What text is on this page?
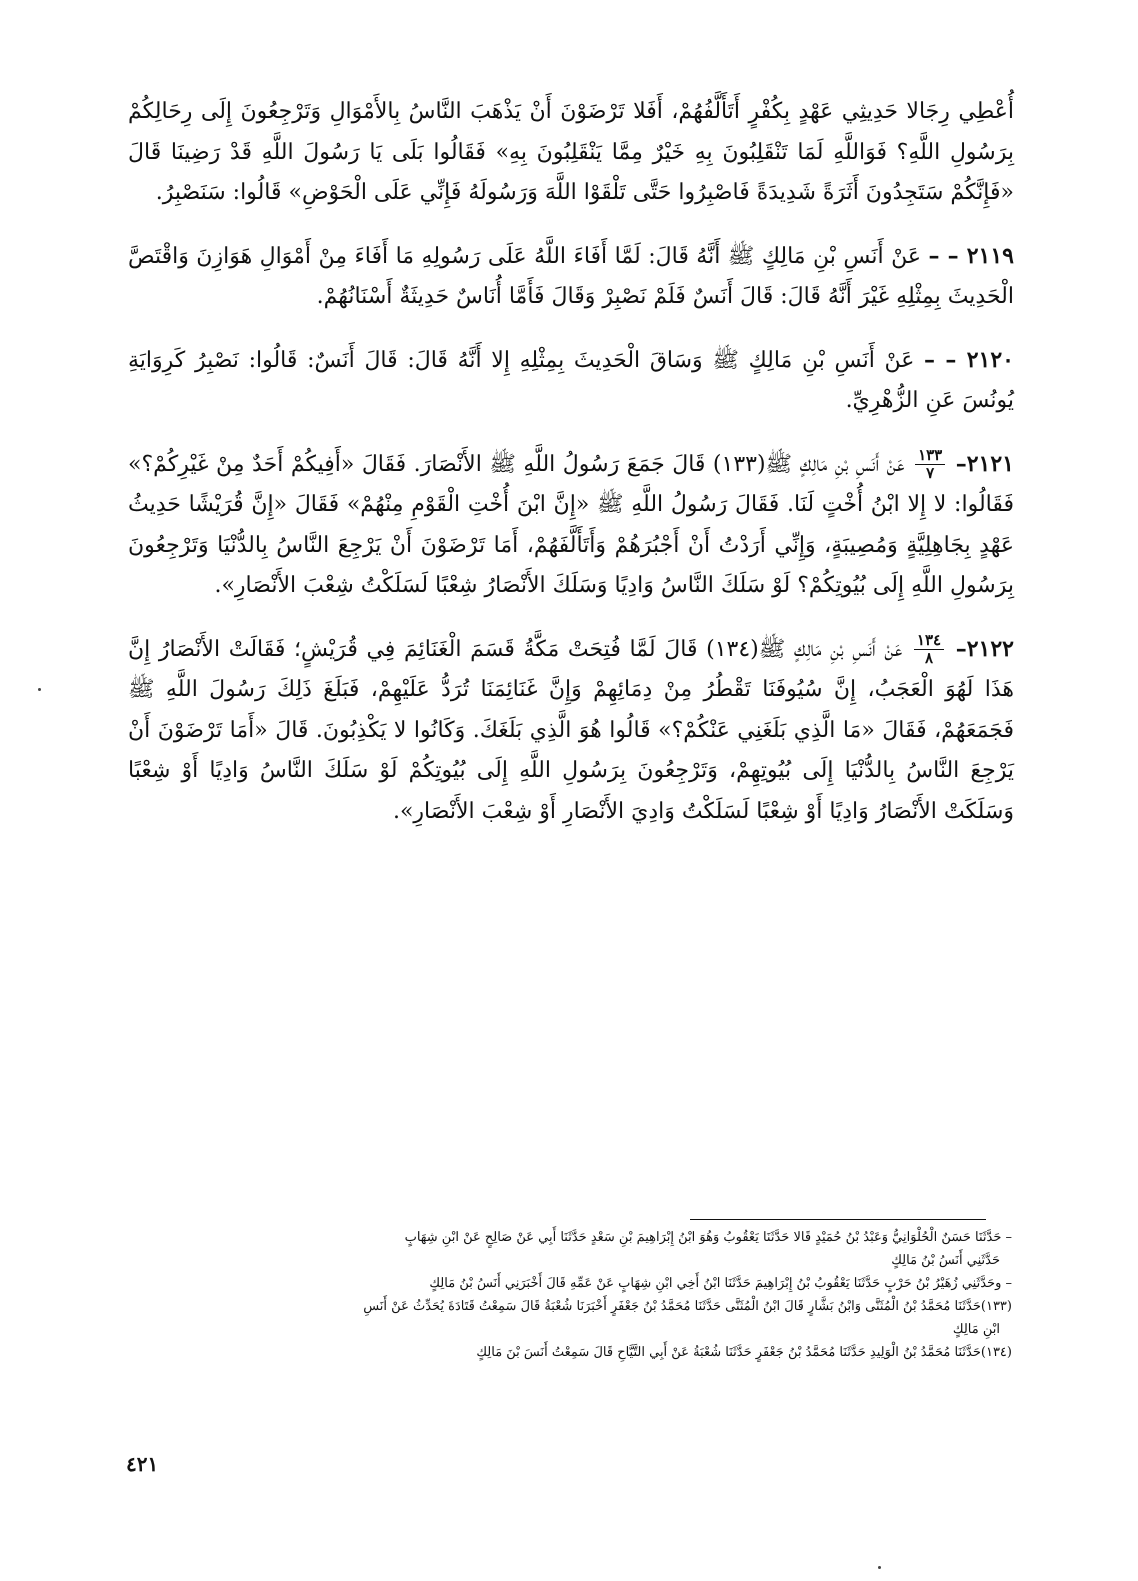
أُعْطِي رِجَالا حَدِيثِي عَهْدٍ بِكُفْرٍ أَتَأَلَّفُهُمْ، أَفَلا تَرْضَوْنَ أَنْ يَذْهَبَ النَّاسُ بِالأَمْوَالِ وَتَرْجِعُونَ إِلَى رِحَالِكُمْ بِرَسُولِ اللَّهِ؟ فَوَاللَّهِ لَمَا تَنْقَلِبُونَ بِهِ خَيْرٌ مِمَّا يَنْقَلِبُونَ بِهِ» فَقَالُوا بَلَى يَا رَسُولَ اللَّهِ قَدْ رَضِينَا قَالَ «فَإِنَّكُمْ سَتَجِدُونَ أَثَرَةً شَدِيدَةً فَاصْبِرُوا حَتَّى تَلْقَوْا اللَّهَ وَرَسُولَهُ فَإِنِّي عَلَى الْحَوْضِ» قَالُوا: سَنَصْبِرُ.

٢١١٩ – – عَنْ أَنَسِ بْنِ مَالِكٍ ﷺ أَنَّهُ قَالَ: لَمَّا أَفَاءَ اللَّهُ عَلَى رَسُولِهِ مَا أَفَاءَ مِنْ أَمْوَالِ هَوَازِنَ وَاقْتَصَّ الْحَدِيثَ بِمِثْلِهِ غَيْرَ أَنَّهُ قَالَ: قَالَ أَنَسٌ فَلَمْ نَصْبِرْ وَقَالَ فَأَمَّا أُنَاسٌ حَدِيثَةٌ أَسْنَانُهُمْ.

٢١٢٠ – – عَنْ أَنَسِ بْنِ مَالِكٍ ﷺ وَسَاقَ الْحَدِيثَ بِمِثْلِهِ إِلا أَنَّهُ قَالَ: قَالَ أَنَسٌ: قَالُوا: نَصْبِرُ كَرِوَايَةِ يُونُسَ عَنِ الزُّهْرِيِّ.

٢١٢١–
$\frac{١٣٣}{٧}$
عَنْ أَنَسِ بْنِ مَالِكٍ ﷺ(١٣٣) قَالَ جَمَعَ رَسُولُ اللَّهِ ﷺ الأَنْصَارَ. فَقَالَ «أَفِيكُمْ أَحَدٌ مِنْ غَيْرِكُمْ؟» فَقَالُوا: لا إِلا ابْنُ أُخْتٍ لَنَا. فَقَالَ رَسُولُ اللَّهِ ﷺ «إِنَّ ابْنَ أُخْتِ الْقَوْمِ مِنْهُمْ» فَقَالَ «إِنَّ قُرَيْشًا حَدِيثُ عَهْدٍ بِجَاهِلِيَّةٍ وَمُصِيبَةٍ، وَإِنِّي أَرَدْتُ أَنْ أَجْبُرَهُمْ وَأَتَأَلَّفَهُمْ، أَمَا تَرْضَوْنَ أَنْ يَرْجِعَ النَّاسُ بِالدُّنْيَا وَتَرْجِعُونَ بِرَسُولِ اللَّهِ إِلَى بُيُوتِكُمْ؟ لَوْ سَلَكَ النَّاسُ وَادِيًا وَسَلَكَ الأَنْصَارُ شِعْبًا لَسَلَكْتُ شِعْبَ الأَنْصَارِ».

٢١٢٢–
$\frac{١٣٤}{٨}$
عَنْ أَنَسِ بْنِ مَالِكٍ ﷺ(١٣٤) قَالَ لَمَّا فُتِحَتْ مَكَّةُ قَسَمَ الْغَنَائِمَ فِي قُرَيْشٍ؛ فَقَالَتْ الأَنْصَارُ إِنَّ هَذَا لَهُوَ الْعَجَبُ، إِنَّ سُيُوفَنَا تَقْطُرُ مِنْ دِمَائِهِمْ وَإِنَّ غَنَائِمَنَا تُرَدُّ عَلَيْهِمْ، فَبَلَغَ ذَلِكَ رَسُولَ اللَّهِ ﷺ فَجَمَعَهُمْ، فَقَالَ «مَا الَّذِي بَلَغَنِي عَنْكُمْ؟» قَالُوا هُوَ الَّذِي بَلَغَكَ. وَكَانُوا لا يَكْذِبُونَ. قَالَ «أَمَا تَرْضَوْنَ أَنْ يَرْجِعَ النَّاسُ بِالدُّنْيَا إِلَى بُيُوتِهِمْ، وَتَرْجِعُونَ بِرَسُولِ اللَّهِ إِلَى بُيُوتِكُمْ لَوْ سَلَكَ النَّاسُ وَادِيًا أَوْ شِعْبًا وَسَلَكَتْ الأَنْصَارُ وَادِيًا أَوْ شِعْبًا لَسَلَكْتُ وَادِيَ الأَنْصَارِ أَوْ شِعْبَ الأَنْصَارِ».

– حَدَّثَنَا حَسَنٌ الْحُلْوَانِيُّ وَعَبْدُ بْنُ حُمَيْدٍ قَالا حَدَّثَنَا يَعْقُوبُ وَهُوَ ابْنُ إِبْرَاهِيمَ بْنِ سَعْدٍ حَدَّثَنَا أَبِي عَنْ صَالِحٍ عَنْ ابْنِ شِهَابٍ

حَدَّثَنِي أَنَسُ بْنُ مَالِكٍ

– وحَدَّثَنِي زُهَيْرُ بْنُ حَرْبٍ حَدَّثَنَا يَعْقُوبُ بْنُ إِبْرَاهِيمَ حَدَّثَنَا ابْنُ أَخِي ابْنِ شِهَابٍ عَنْ عَمِّهِ قَالَ أَخْبَرَنِي أَنَسُ بْنُ مَالِكٍ

(١٣٣)حَدَّثَنَا مُحَمَّدُ بْنُ الْمُثَنَّى وَابْنُ بَشَّارٍ قَالَ ابْنُ الْمُثَنَّى حَدَّثَنَا مُحَمَّدُ بْنُ جَعْفَرٍ أَخْبَرَنَا شُعْبَةُ قَالَ سَمِعْتُ قَتَادَةَ يُحَدِّثُ عَنْ أَنَسِ

ابْنِ مَالِكٍ

(١٣٤)حَدَّثَنَا مُحَمَّدُ بْنُ الْوَلِيدِ حَدَّثَنَا مُحَمَّدُ بْنُ جَعْفَرٍ حَدَّثَنَا شُعْبَةُ عَنْ أَبِي التَّيَّاحِ قَالَ سَمِعْتُ أَنَسَ بْنَ مَالِكٍ

٤٢١
